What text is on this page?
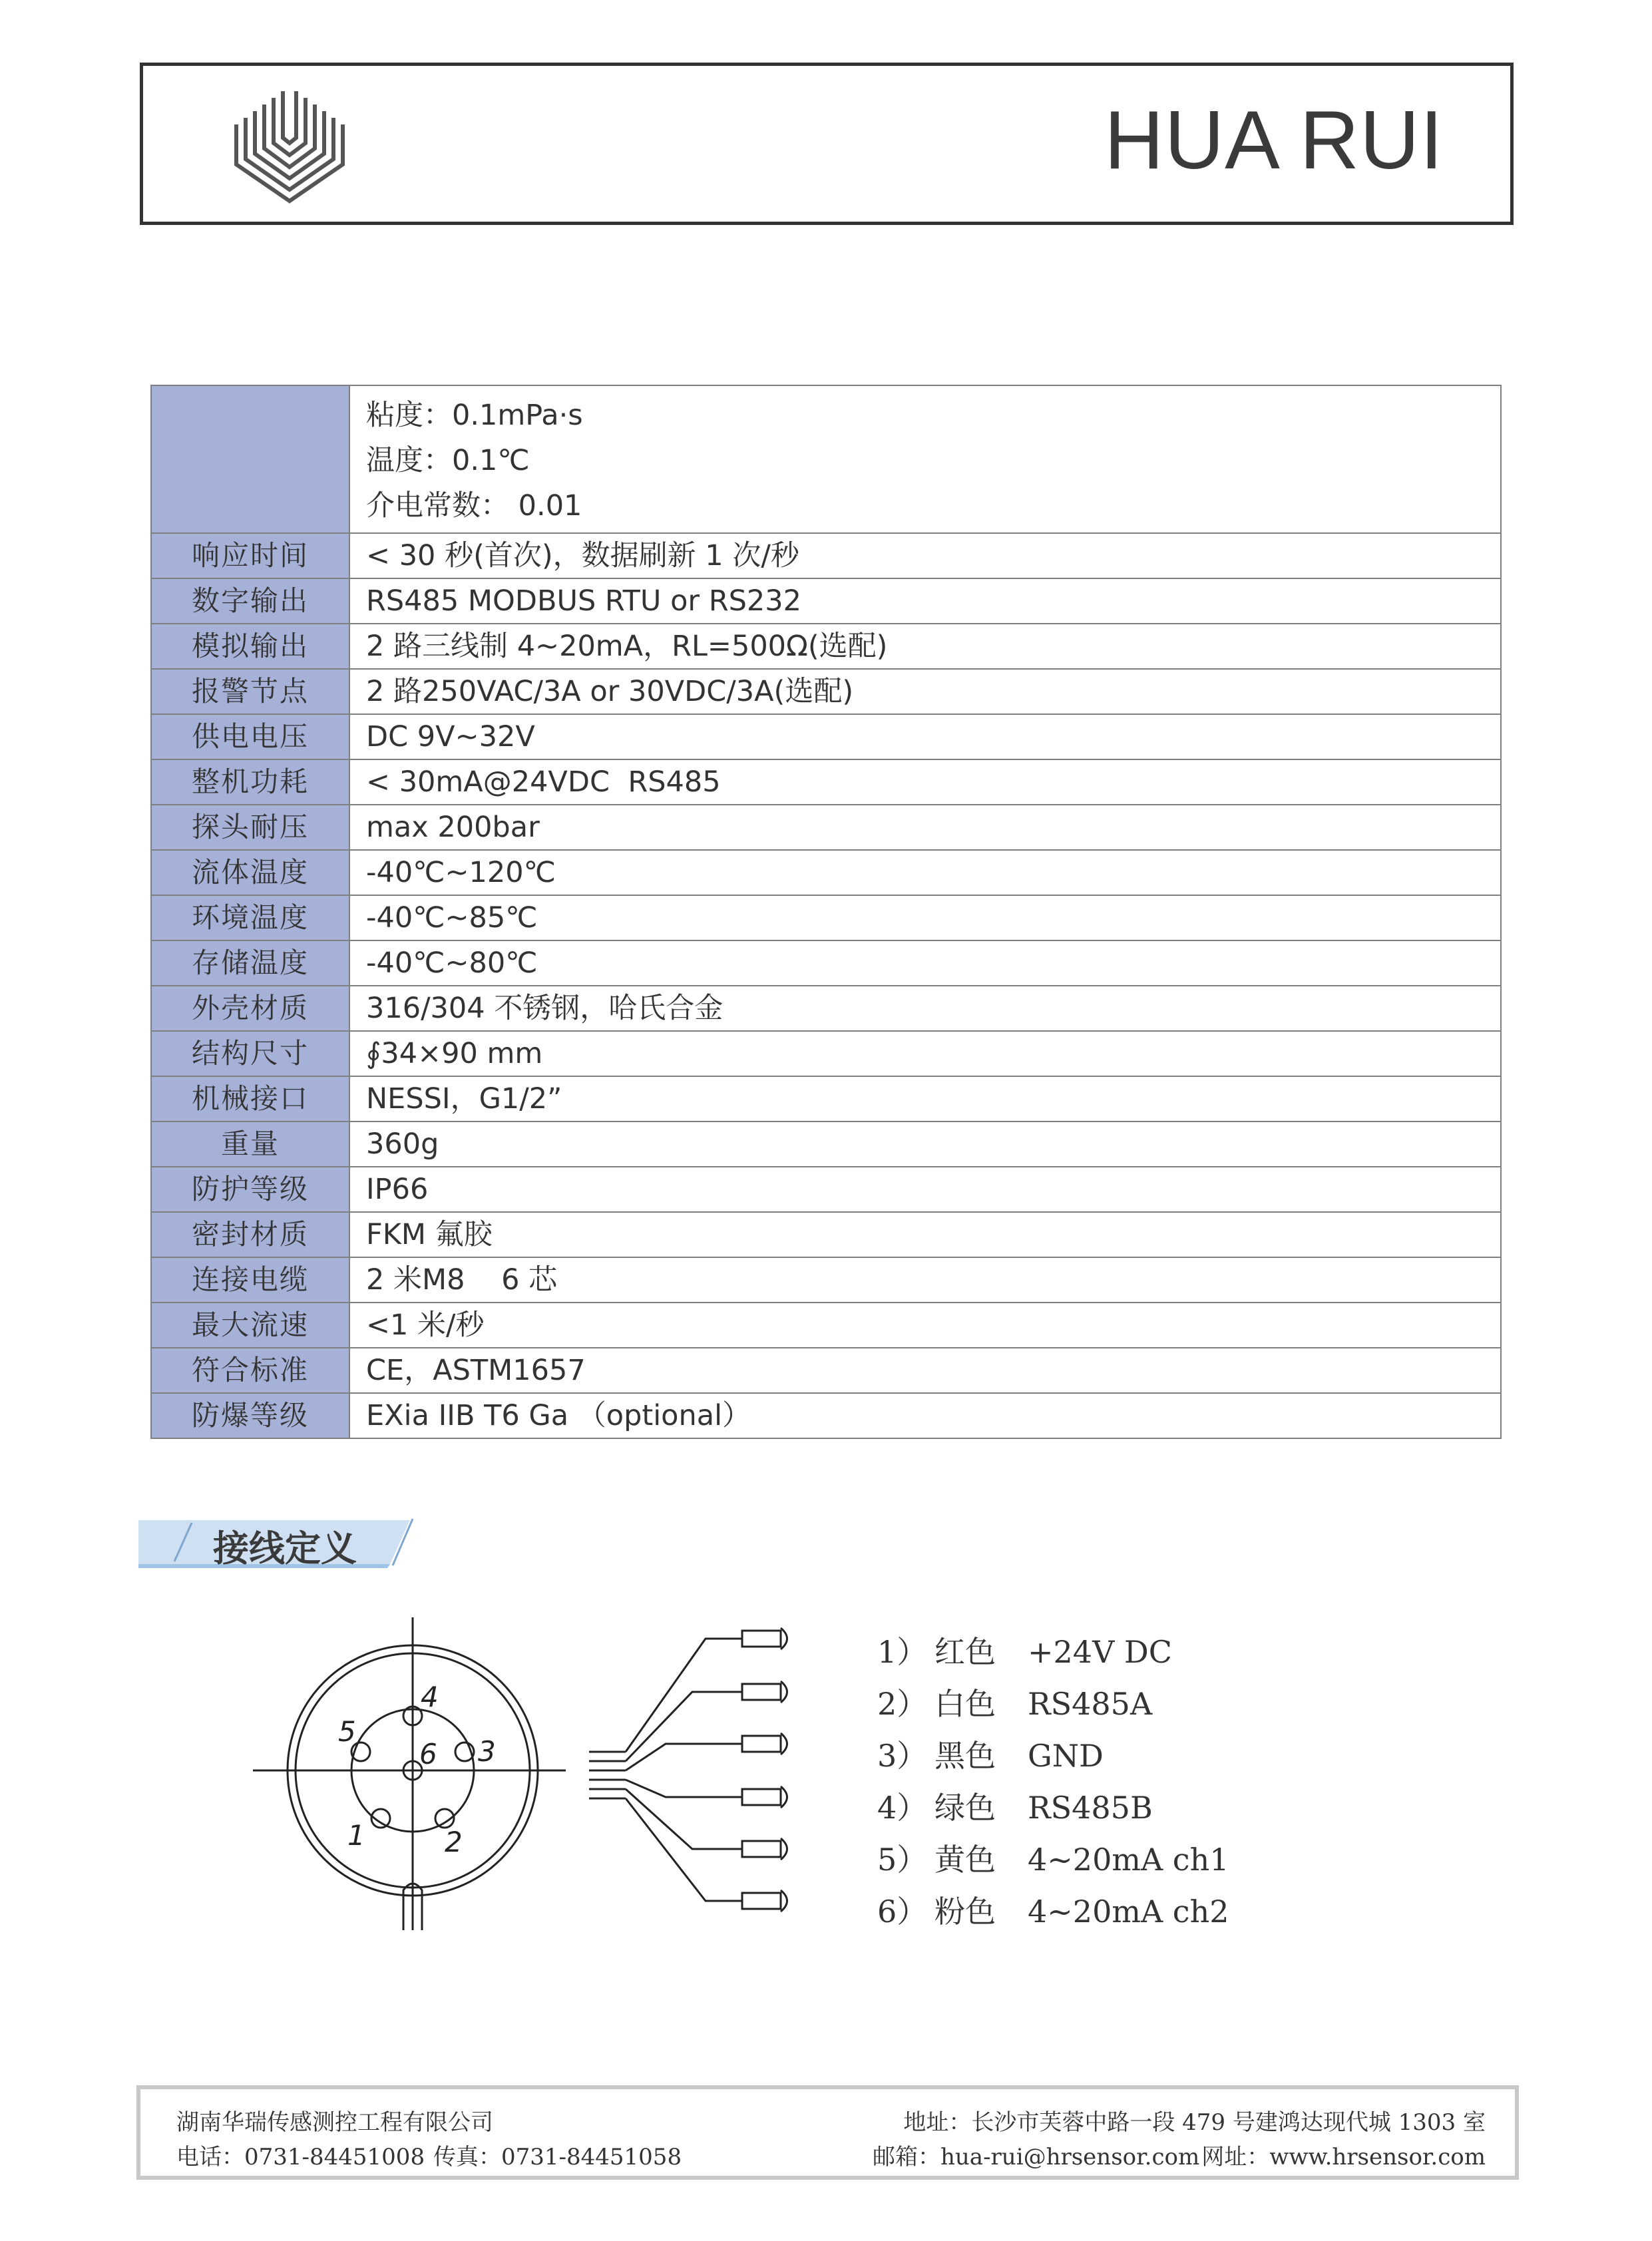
HUA RUI

	粘度：0.1mPa·s
温度：0.1℃
介电常数： 0.01

响应时间	< 30 秒(首次)，数据刷新 1 次/秒
数字输出	RS485 MODBUS RTU or RS232
模拟输出	2 路三线制 4~20mA，RL=500Ω(选配)
报警节点	2 路250VAC/3A or 30VDC/3A(选配)
供电电压	DC 9V~32V
整机功耗	< 30mA@24VDC  RS485
探头耐压	max 200bar
流体温度	-40℃~120℃
环境温度	-40℃~85℃
存储温度	-40℃~80℃
外壳材质	316/304 不锈钢，哈氏合金
结构尺寸	∮34×90 mm
机械接口	NESSI，G1/2”
重量	360g
防护等级	IP66
密封材质	FKM 氟胶
连接电缆	2 米M8    6 芯
最大流速	<1 米/秒
符合标准	CE，ASTM1657
防爆等级	EXia IIB T6 Ga （optional）
接线定义
1	2
3
4
5
6
1） 红色 +24V DC
2） 白色 RS485A
3） 黑色 GND
4） 绿色 RS485B
5） 黄色 4~20mA ch1
6） 粉色 4~20mA ch2
湖南华瑞传感测控工程有限公司
电话：0731-84451008 传真：0731-84451058
地址：长沙市芙蓉中路一段 479 号建鸿达现代城 1303 室
邮箱：hua-rui@hrsensor.com 网址：www.hrsensor.com
